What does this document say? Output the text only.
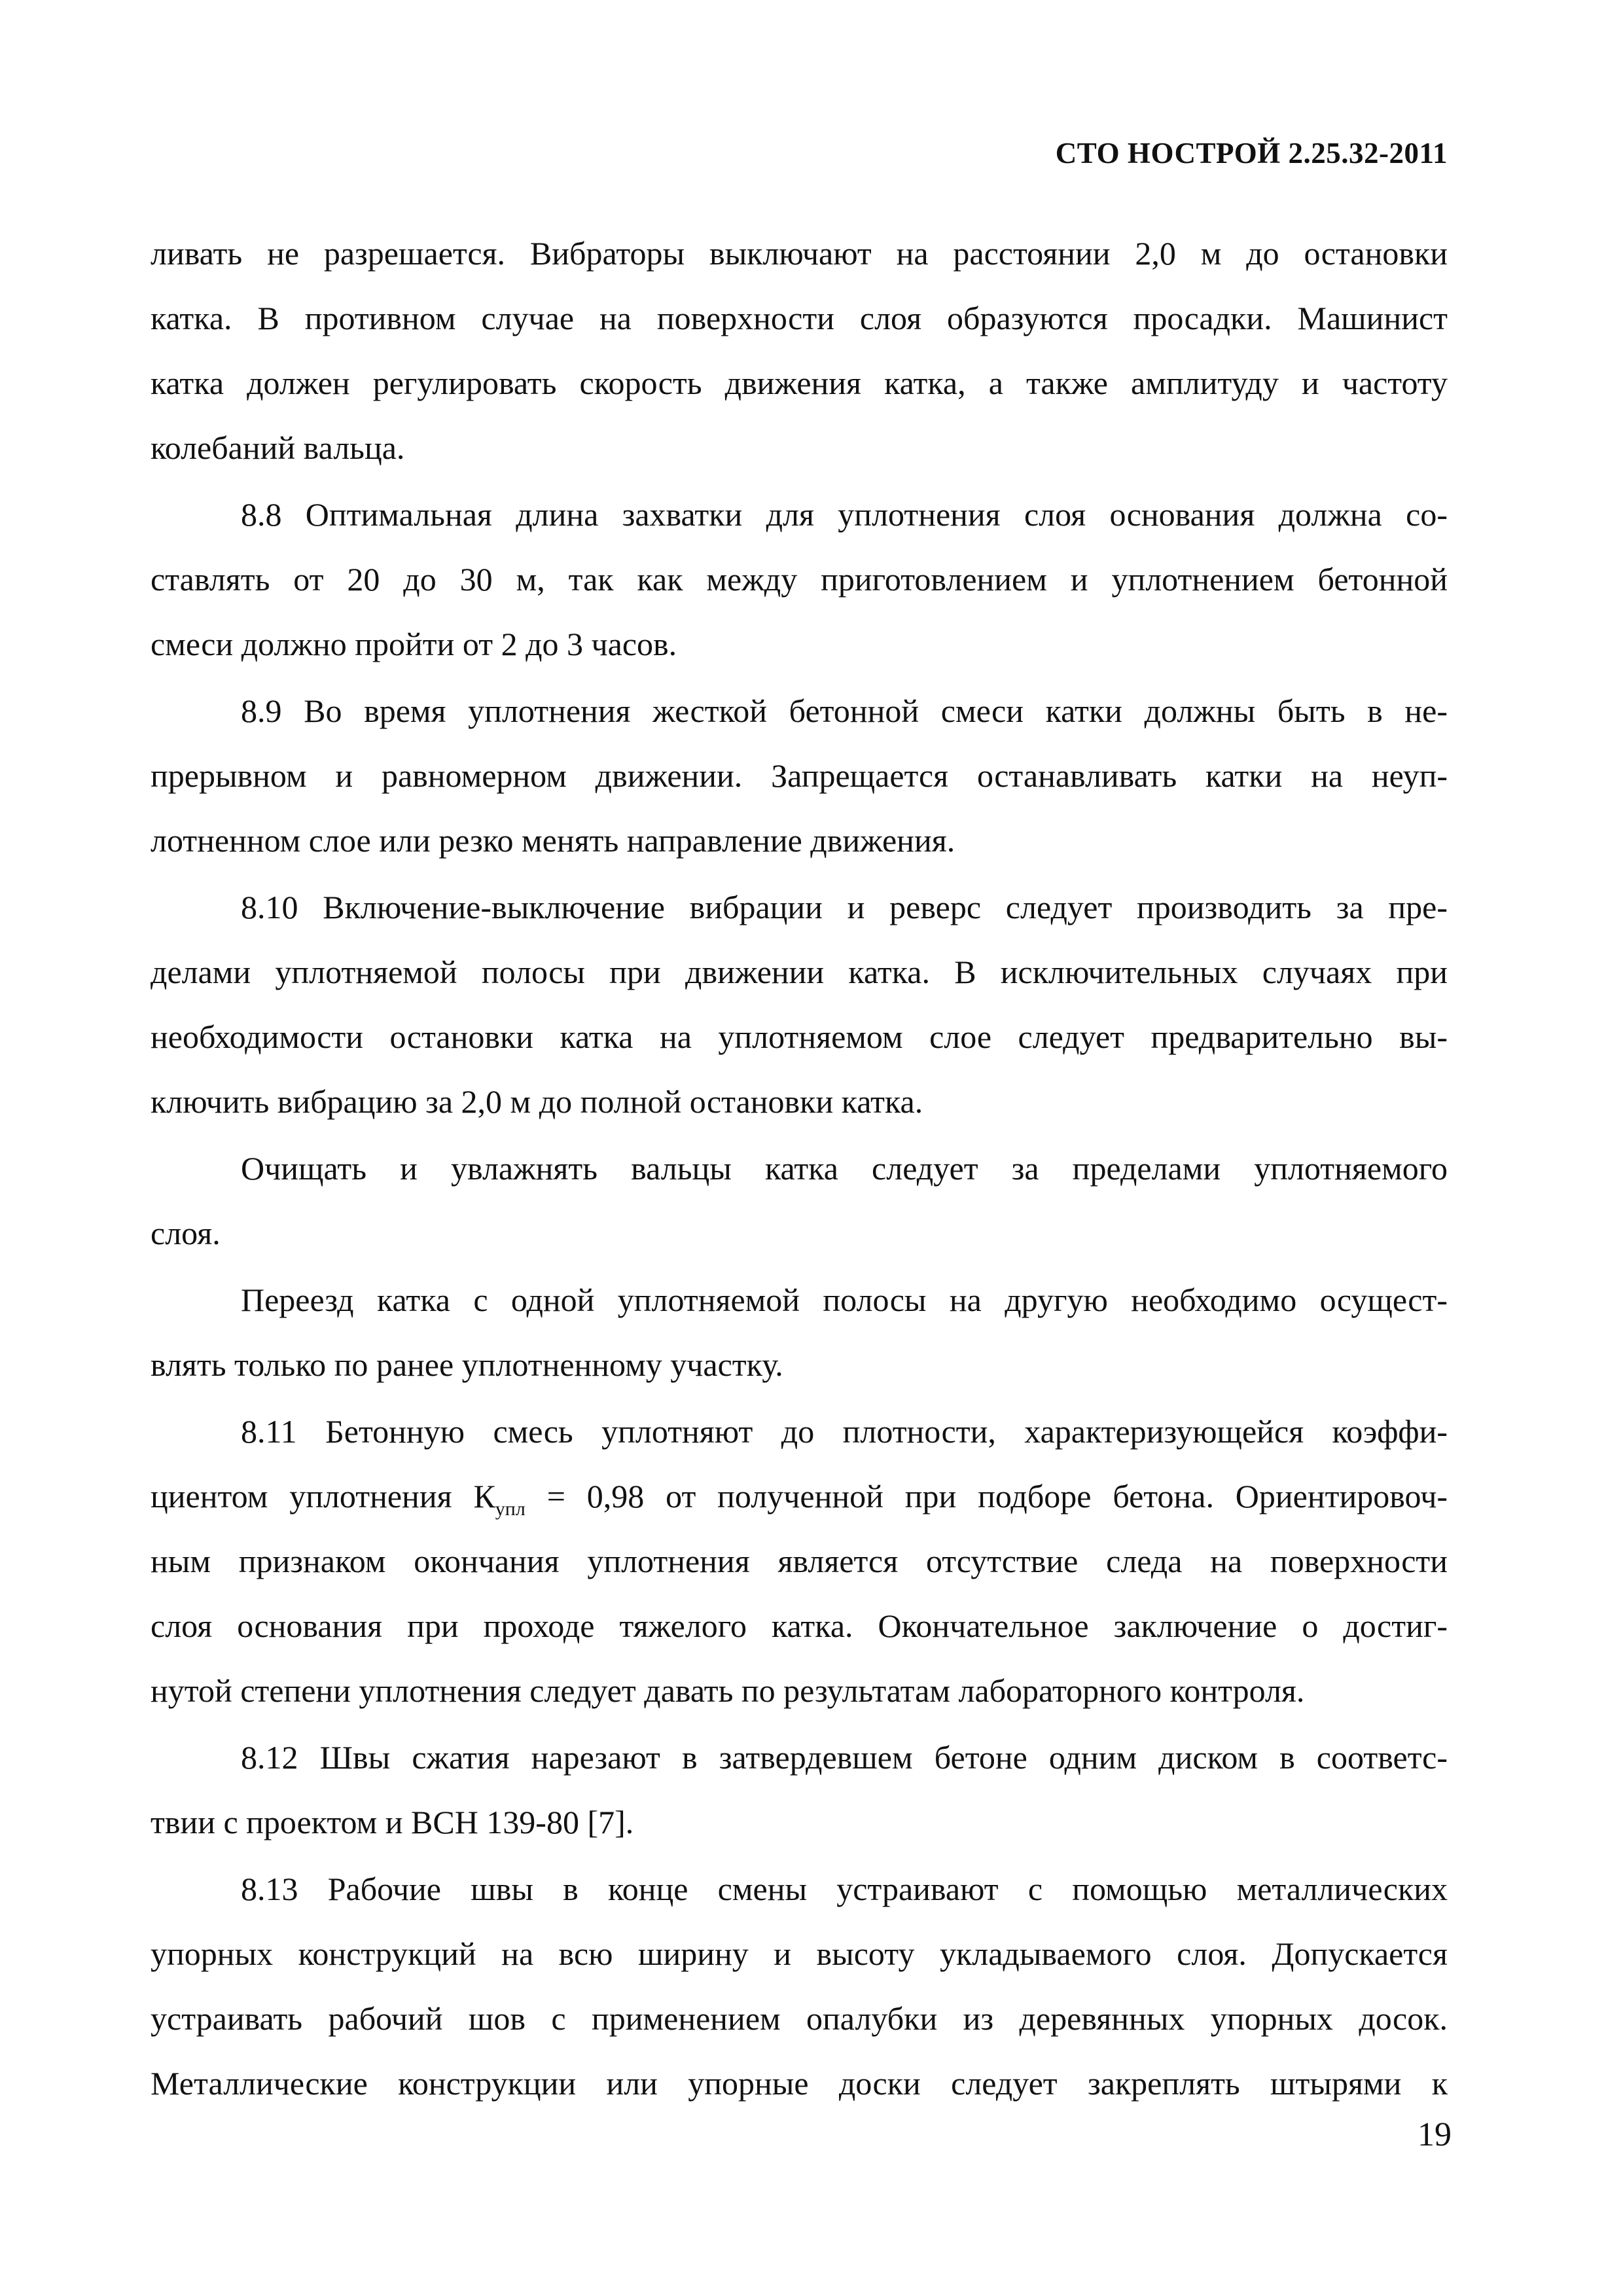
СТО НОСТРОЙ 2.25.32-2011
ливать не разрешается. Вибраторы выключают на расстоянии 2,0 м до остановки
катка. В противном случае на поверхности слоя образуются просадки. Машинист
катка должен регулировать скорость движения катка, а также амплитуду и частоту
колебаний вальца.
8.8 Оптимальная длина захватки для уплотнения слоя основания должна со-
ставлять от 20 до 30 м, так как между приготовлением и уплотнением бетонной
смеси должно пройти от 2 до 3 часов.
8.9 Во время уплотнения жесткой бетонной смеси катки должны быть в не-
прерывном и равномерном движении. Запрещается останавливать катки на неуп-
лотненном слое или резко менять направление движения.
8.10 Включение-выключение вибрации и реверс следует производить за пре-
делами уплотняемой полосы при движении катка. В исключительных случаях при
необходимости остановки катка на уплотняемом слое следует предварительно вы-
ключить вибрацию за 2,0 м до полной остановки катка.
Очищать и увлажнять вальцы катка следует за пределами уплотняемого
слоя.
Переезд катка с одной уплотняемой полосы на другую необходимо осущест-
влять только по ранее уплотненному участку.
8.11 Бетонную смесь уплотняют до плотности, характеризующейся коэффи-
циентом уплотнения $К_{упл} = 0,98$ от полученной при подборе бетона. Ориентировоч-
ным признаком окончания уплотнения является отсутствие следа на поверхности
слоя основания при проходе тяжелого катка. Окончательное заключение о достиг-
нутой степени уплотнения следует давать по результатам лабораторного контроля.
8.12 Швы сжатия нарезают в затвердевшем бетоне одним диском в соответс-
твии с проектом и ВСН 139-80 [7].
8.13 Рабочие швы в конце смены устраивают с помощью металлических
упорных конструкций на всю ширину и высоту укладываемого слоя. Допускается
устраивать рабочий шов с применением опалубки из деревянных упорных досок.
Металлические конструкции или упорные доски следует закреплять штырями к
19
